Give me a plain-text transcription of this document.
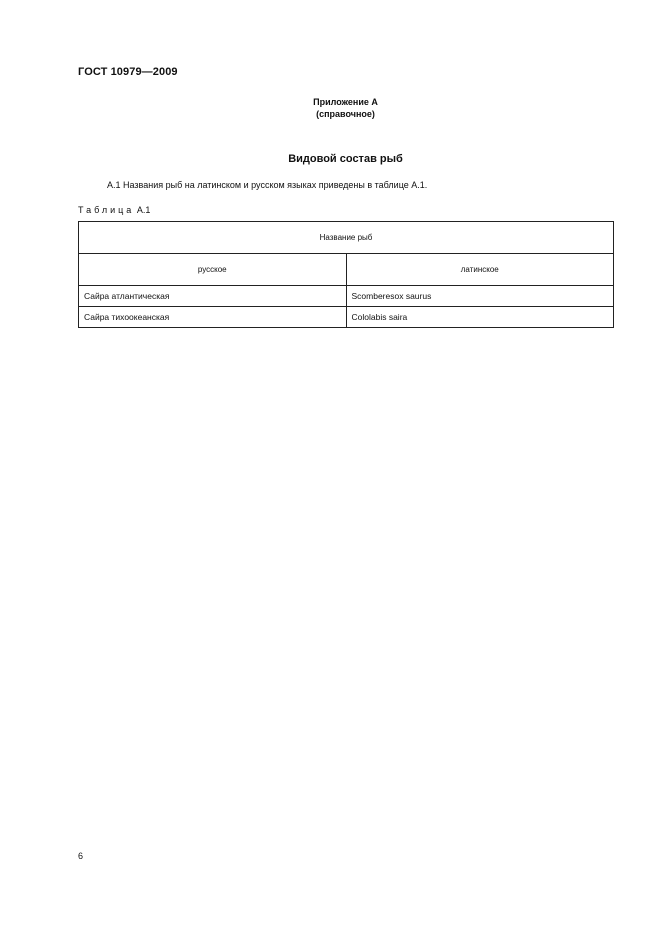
ГОСТ 10979—2009
Приложение А
(справочное)
Видовой состав рыб
А.1 Названия рыб на латинском и русском языках приведены в таблице А.1.
Таблица А.1
Название рыб	
русское	латинское
Сайра атлантическая	Scomberesox saurus
Сайра тихоокеанская	Cololabis saira
6
